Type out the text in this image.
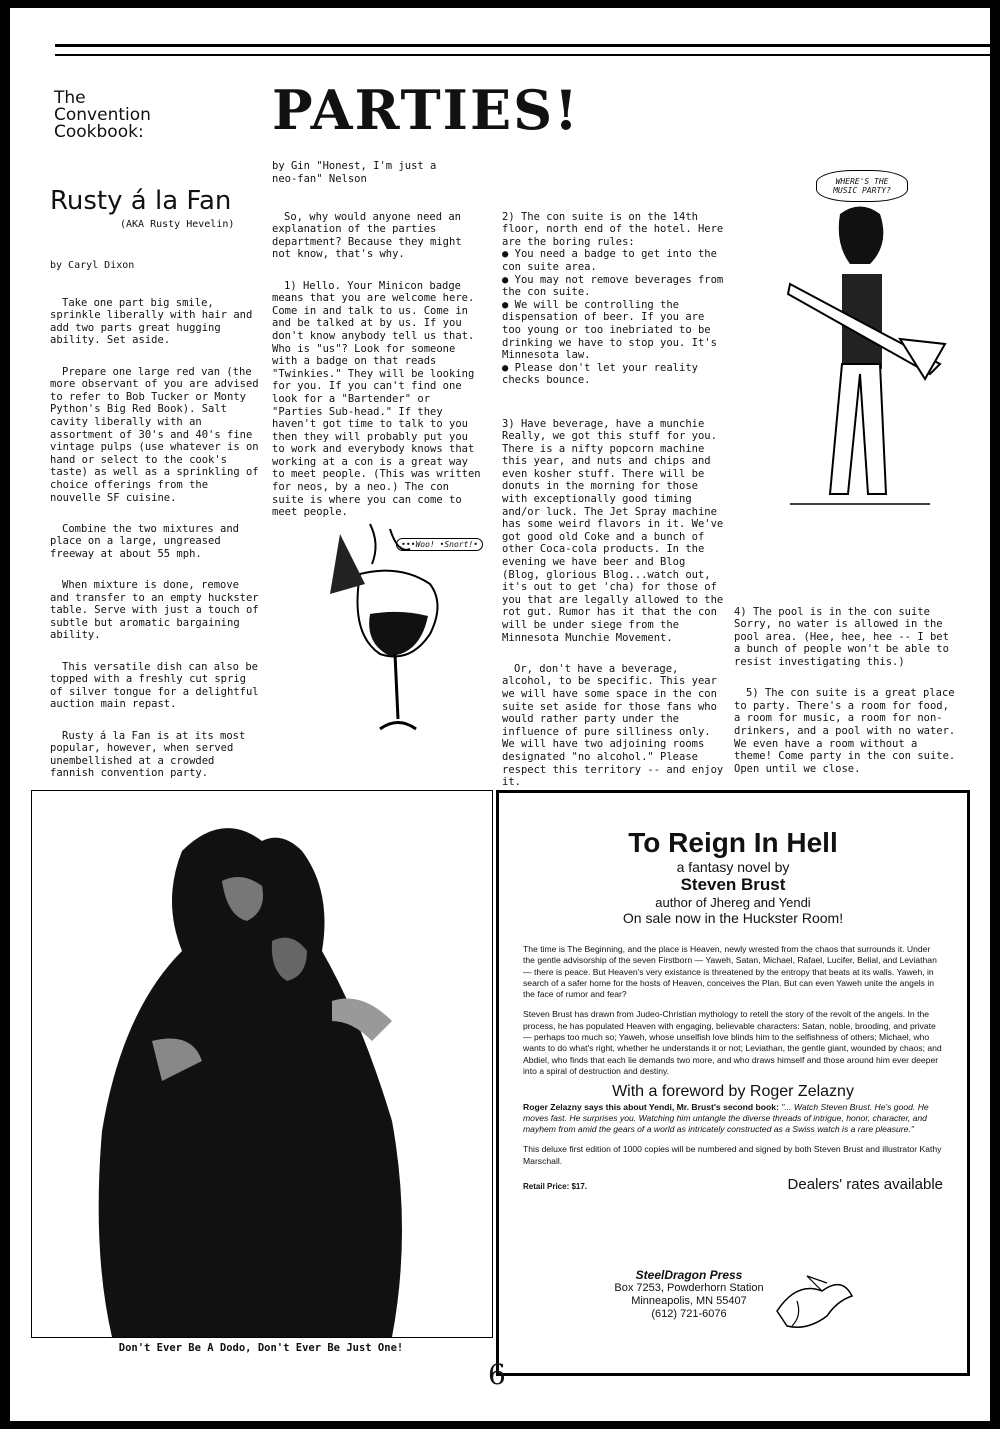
The
Convention
Cookbook: PARTIES!
Rusty á la Fan
(AKA Rusty Hevelin)
by Caryl Dixon

Take one part big smile, sprinkle liberally with hair and add two parts great hugging ability. Set aside.

Prepare one large red van (the more observant of you are advised to refer to Bob Tucker or Monty Python's Big Red Book). Salt cavity liberally with an assortment of 30's and 40's fine vintage pulps (use whatever is on hand or select to the cook's taste) as well as a sprinkling of choice offerings from the nouvelle SF cuisine.

Combine the two mixtures and place on a large, ungreased freeway at about 55 mph.

When mixture is done, remove and transfer to an empty huckster table. Serve with just a touch of subtle but aromatic bargaining ability.

This versatile dish can also be topped with a freshly cut sprig of silver tongue for a delightful auction main repast.

Rusty á la Fan is at its most popular, however, when served unembellished at a crowded fannish convention party.

by Gin "Honest, I'm just a neo-fan" Nelson

So, why would anyone need an explanation of the parties department? Because they might not know, that's why.

1) Hello. Your Minicon badge means that you are welcome here. Come in and talk to us. Come in and be talked at by us. If you don't know anybody tell us that. Who is "us"? Look for someone with a badge on that reads "Twinkies." They will be looking for you. If you can't find one look for a "Bartender" or "Parties Sub-head." If they haven't got time to talk to you then they will probably put you to work and everybody knows that working at a con is a great way to meet people. (This was written for neos, by a neo.) The con suite is where you can come to meet people.

•••Woo! •Snort!•

2) The con suite is on the 14th floor, north end of the hotel. Here are the boring rules:
● You need a badge to get into the con suite area.
● You may not remove beverages from the con suite.
● We will be controlling the dispensation of beer. If you are too young or too inebriated to be drinking we have to stop you. It's Minnesota law.
● Please don't let your reality checks bounce.

3) Have beverage, have a munchie Really, we got this stuff for you. There is a nifty popcorn machine this year, and nuts and chips and even kosher stuff. There will be donuts in the morning for those with exceptionally good timing and/or luck. The Jet Spray machine has some weird flavors in it. We've got good old Coke and a bunch of other Coca-cola products. In the evening we have beer and Blog (Blog, glorious Blog...watch out, it's out to get 'cha) for those of you that are legally allowed to the rot gut. Rumor has it that the con will be under siege from the Minnesota Munchie Movement.

Or, don't have a beverage, alcohol, to be specific. This year we will have some space in the con suite set aside for those fans who would rather party under the influence of pure silliness only. We will have two adjoining rooms designated "no alcohol." Please respect this territory -- and enjoy it.

WHERE'S THE MUSIC PARTY?

4) The pool is in the con suite Sorry, no water is allowed in the pool area. (Hee, hee, hee -- I bet a bunch of people won't be able to resist investigating this.)

5) The con suite is a great place to party. There's a room for food, a room for music, a room for non-drinkers, and a pool with no water. We even have a room without a theme! Come party in the con suite. Open until we close.

Don't Ever Be A Dodo, Don't Ever Be Just One!
To Reign In Hell
a fantasy novel by
Steven Brust
author of Jhereg and Yendi
On sale now in the Huckster Room!

The time is The Beginning, and the place is Heaven, newly wrested from the chaos that surrounds it. Under the gentle advisorship of the seven Firstborn — Yaweh, Satan, Michael, Rafael, Lucifer, Belial, and Leviathan — there is peace. But Heaven's very existance is threatened by the entropy that beats at its walls. Yaweh, in search of a safer home for the hosts of Heaven, conceives the Plan. But can even Yaweh unite the angels in the face of rumor and fear?

Steven Brust has drawn from Judeo-Christian mythology to retell the story of the revolt of the angels. In the process, he has populated Heaven with engaging, believable characters: Satan, noble, brooding, and private — perhaps too much so; Yaweh, whose unselfish love blinds him to the selfishness of others; Michael, who wants to do what's right, whether he understands it or not; Leviathan, the gentle giant, wounded by chaos; and Abdiel, who finds that each lie demands two more, and who draws himself and those around him ever deeper into a spiral of destruction and destiny.

With a foreword by Roger Zelazny

Roger Zelazny says this about Yendi, Mr. Brust's second book: "... Watch Steven Brust. He's good. He moves fast. He surprises you. Watching him untangle the diverse threads of intrigue, honor, character, and mayhem from amid the gears of a world as intricately constructed as a Swiss watch is a rare pleasure."

This deluxe first edition of 1000 copies will be numbered and signed by both Steven Brust and illustrator Kathy Marschall.

Retail Price: $17.	Dealers' rates available
SteelDragon Press
Box 7253, Powderhorn Station
Minneapolis, MN 55407
(612) 721-6076
6
